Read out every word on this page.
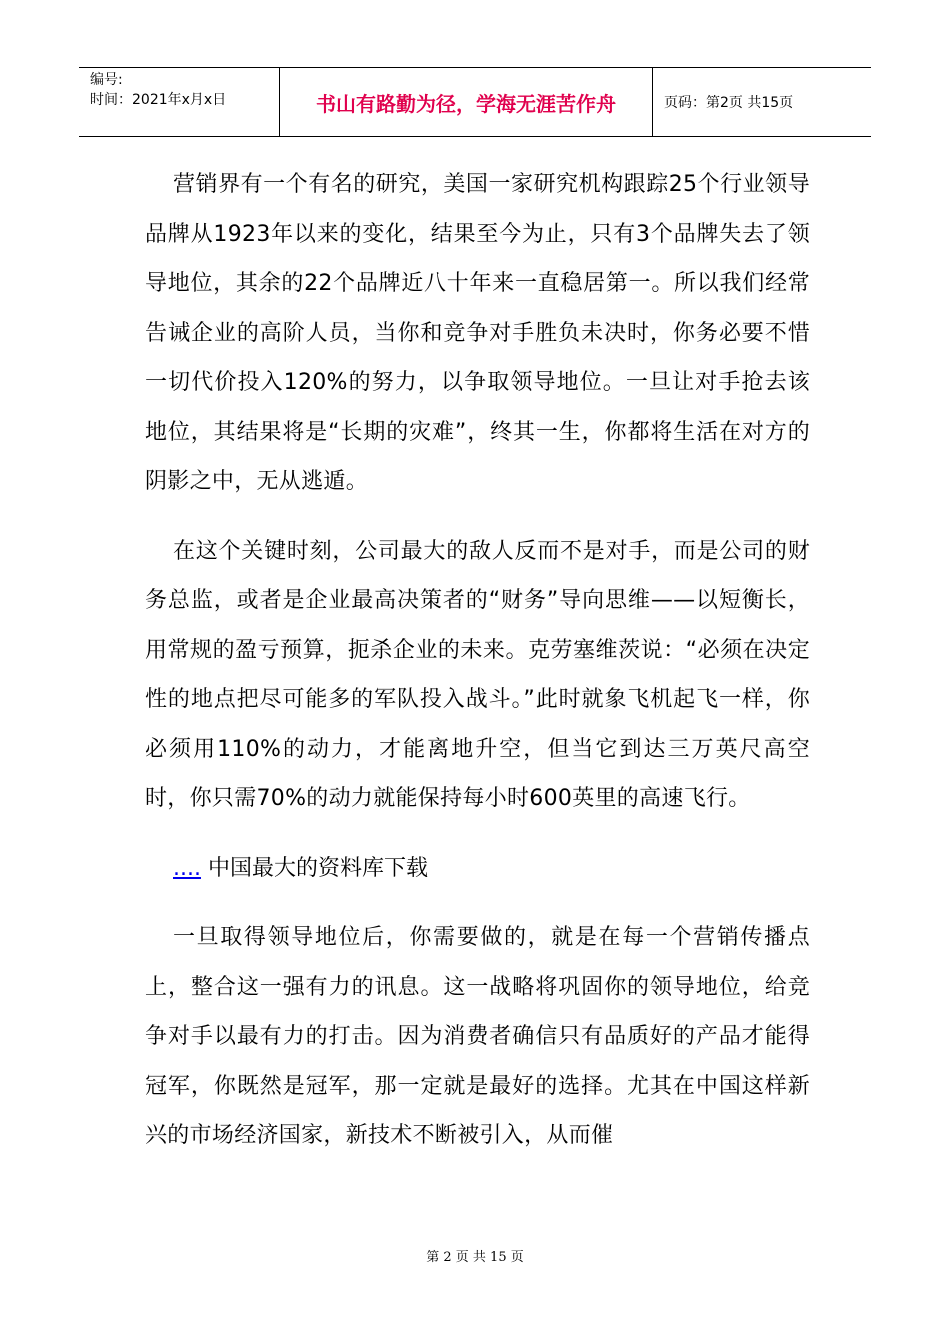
编号:
时间：2021年x月x日	书山有路勤为径，学海无涯苦作舟	页码：第2页 共15页

营销界有一个有名的研究，美国一家研究机构跟踪25个行业领导品牌从1923年以来的变化，结果至今为止，只有3个品牌失去了领导地位，其余的22个品牌近八十年来一直稳居第一。所以我们经常告诫企业的高阶人员，当你和竞争对手胜负未决时，你务必要不惜一切代价投入120%的努力，以争取领导地位。一旦让对手抢去该地位，其结果将是“长期的灾难”，终其一生，你都将生活在对方的阴影之中，无从逃遁。

在这个关键时刻，公司最大的敌人反而不是对手，而是公司的财务总监，或者是企业最高决策者的“财务”导向思维——以短衡长，用常规的盈亏预算，扼杀企业的未来。克劳塞维茨说：“必须在决定性的地点把尽可能多的军队投入战斗。”此时就象飞机起飞一样，你必须用110%的动力，才能离地升空，但当它到达三万英尺高空时，你只需70%的动力就能保持每小时600英里的高速飞行。

.... 中国最大的资料库下载

一旦取得领导地位后，你需要做的，就是在每一个营销传播点上，整合这一强有力的讯息。这一战略将巩固你的领导地位，给竞争对手以最有力的打击。因为消费者确信只有品质好的产品才能得冠军，你既然是冠军，那一定就是最好的选择。尤其在中国这样新兴的市场经济国家，新技术不断被引入，从而催

第 2 页 共 15 页
